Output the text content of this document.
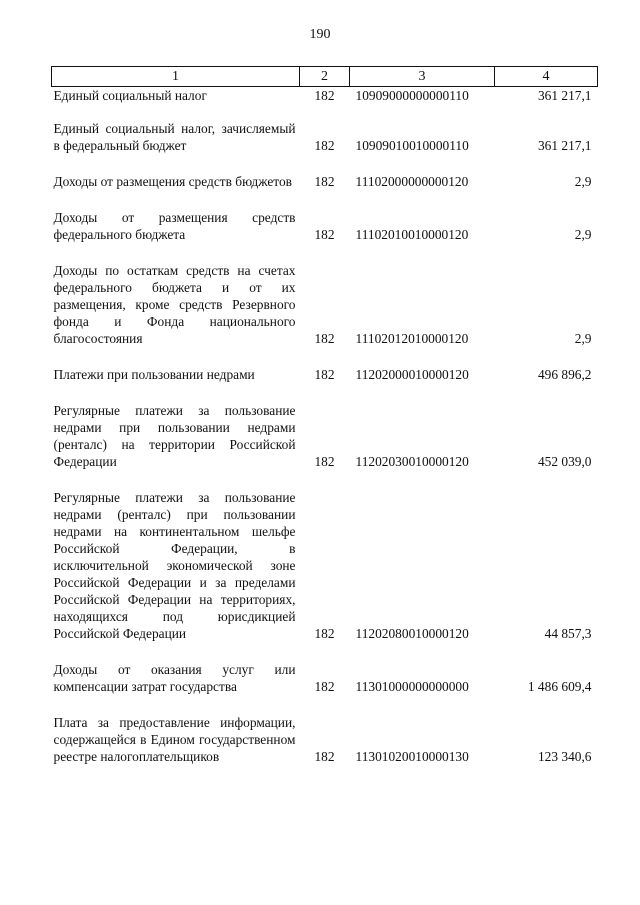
190
1	2	3	4
Единый социальный налог	182	10909000000000110	361 217,1
Единый социальный налог, зачисляемый в федеральный бюджет	182	10909010010000110	361 217,1
Доходы от размещения средств бюджетов	182	11102000000000120	2,9
Доходы от размещения средств федерального бюджета	182	11102010010000120	2,9
Доходы по остаткам средств на счетах федерального бюджета и от их размещения, кроме средств Резервного фонда и Фонда национального благосостояния	182	11102012010000120	2,9
Платежи при пользовании недрами	182	11202000010000120	496 896,2
Регулярные платежи за пользование недрами при пользовании недрами (ренталс) на территории Российской Федерации	182	11202030010000120	452 039,0
Регулярные платежи за пользование недрами (ренталс) при пользовании недрами на континентальном шельфе Российской Федерации, в исключительной экономической зоне Российской Федерации и за пределами Российской Федерации на территориях, находящихся под юрисдикцией Российской Федерации	182	11202080010000120	44 857,3
Доходы от оказания услуг или компенсации затрат государства	182	11301000000000000	1 486 609,4
Плата за предоставление информации, содержащейся в Едином государственном реестре налогоплательщиков	182	11301020010000130	123 340,6
